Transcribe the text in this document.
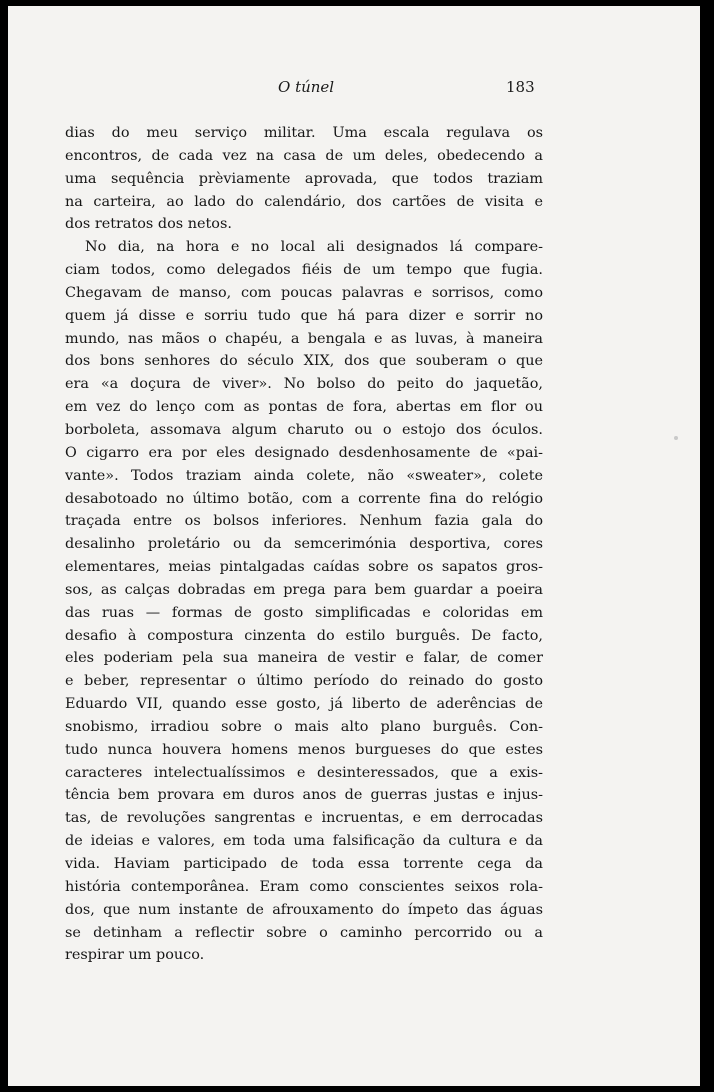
O túnel	183
dias do meu serviço militar. Uma escala regulava os
encontros, de cada vez na casa de um deles, obedecendo a
uma sequência prèviamente aprovada, que todos traziam
na carteira, ao lado do calendário, dos cartões de visita e
dos retratos dos netos.
No dia, na hora e no local ali designados lá compare-
ciam todos, como delegados fiéis de um tempo que fugia.
Chegavam de manso, com poucas palavras e sorrisos, como
quem já disse e sorriu tudo que há para dizer e sorrir no
mundo, nas mãos o chapéu, a bengala e as luvas, à maneira
dos bons senhores do século XIX, dos que souberam o que
era «a doçura de viver». No bolso do peito do jaquetão,
em vez do lenço com as pontas de fora, abertas em flor ou
borboleta, assomava algum charuto ou o estojo dos óculos.
O cigarro era por eles designado desdenhosamente de «pai-
vante». Todos traziam ainda colete, não «sweater», colete
desabotoado no último botão, com a corrente fina do relógio
traçada entre os bolsos inferiores. Nenhum fazia gala do
desalinho proletário ou da semcerimónia desportiva, cores
elementares, meias pintalgadas caídas sobre os sapatos gros-
sos, as calças dobradas em prega para bem guardar a poeira
das ruas — formas de gosto simplificadas e coloridas em
desafio à compostura cinzenta do estilo burguês. De facto,
eles poderiam pela sua maneira de vestir e falar, de comer
e beber, representar o último período do reinado do gosto
Eduardo VII, quando esse gosto, já liberto de aderências de
snobismo, irradiou sobre o mais alto plano burguês. Con-
tudo nunca houvera homens menos burgueses do que estes
caracteres intelectualíssimos e desinteressados, que a exis-
tência bem provara em duros anos de guerras justas e injus-
tas, de revoluções sangrentas e incruentas, e em derrocadas
de ideias e valores, em toda uma falsificação da cultura e da
vida. Haviam participado de toda essa torrente cega da
história contemporânea. Eram como conscientes seixos rola-
dos, que num instante de afrouxamento do ímpeto das águas
se detinham a reflectir sobre o caminho percorrido ou a
respirar um pouco.
